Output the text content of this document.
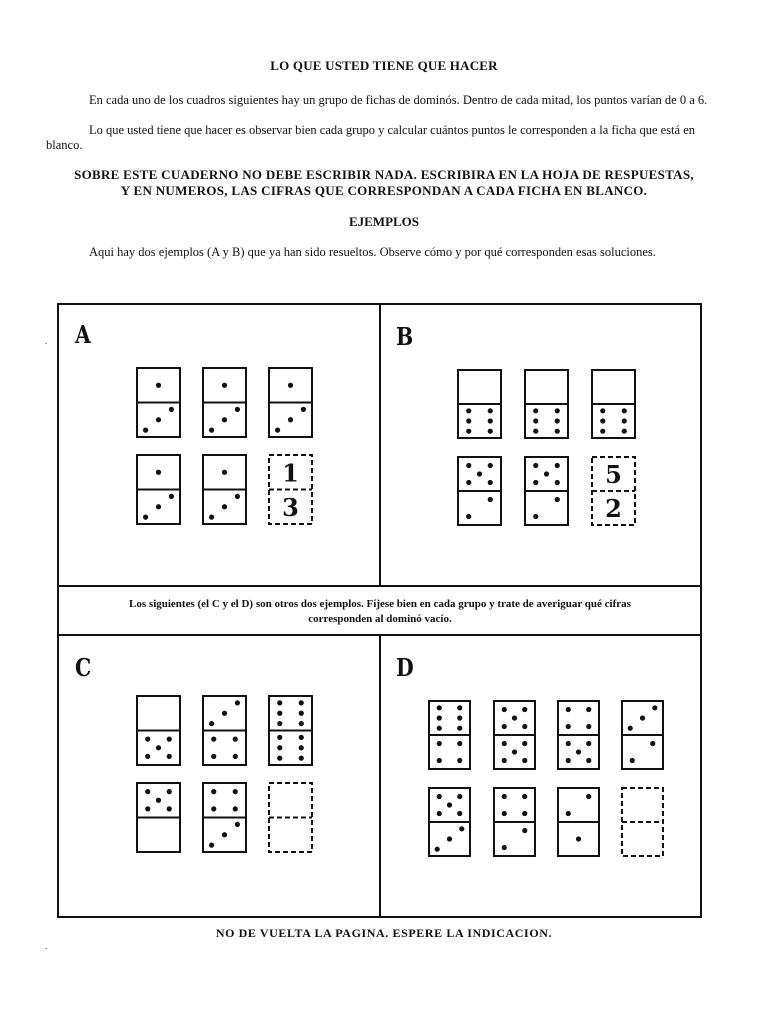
LO QUE USTED TIENE QUE HACER

En cada uno de los cuadros siguientes hay un grupo de fichas de dominós. Dentro de cada mitad, los puntos varían de 0 a 6.

Lo que usted tiene que hacer es observar bien cada grupo y calcular cuántos puntos le corresponden a la ficha que está en blanco.

SOBRE ESTE CUADERNO NO DEBE ESCRIBIR NADA. ESCRIBIRA EN LA HOJA DE RESPUESTAS,
Y EN NUMEROS, LAS CIFRAS QUE CORRESPONDAN A CADA FICHA EN BLANCO.
EJEMPLOS

Aqui hay dos ejemplos (A y B) que ya han sido resueltos. Observe cómo y por qué corresponden esas soluciones.

A	B
C	D
Los siguientes (el C y el D) son otros dos ejemplos. Fíjese bien en cada grupo y trate de averiguar qué cifras
corresponden al dominó vacío.
1
3
5
2
NO DE VUELTA LA PAGINA. ESPERE LA INDICACION.
.
.
